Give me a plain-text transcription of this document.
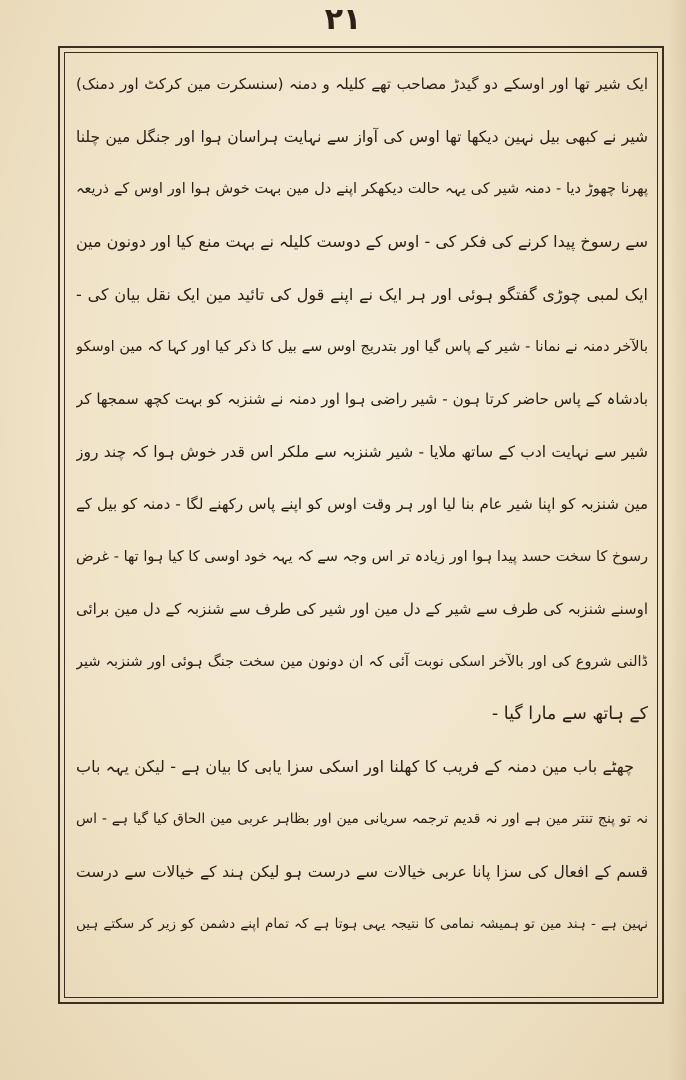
۲۱
ایک شیر تھا اور اوسکے دو گیدڑ مصاحب تھے کلیلہ و دمنہ (سنسکرت مین کرکٹ اور دمنک)
شیر نے کبھی بیل نہین دیکھا تھا اوس کی آواز سے نہایت ہراسان ہوا اور جنگل مین چلنا
پھرنا چھوڑ دیا - دمنہ شیر کی یہہ حالت دیکھکر اپنے دل مین بہت خوش ہوا اور اوس کے ذریعہ
سے رسوخ پیدا کرنے کی فکر کی - اوس کے دوست کلیلہ نے بہت منع کیا اور دونون مین
ایک لمبی چوڑی گفتگو ہوئی اور ہر ایک نے اپنے قول کی تائید مین ایک نقل بیان کی -
بالآخر دمنہ نے نمانا - شیر کے پاس گیا اور بتدریج اوس سے بیل کا ذکر کیا اور کہا کہ مین اوسکو
بادشاہ کے پاس حاضر کرتا ہون - شیر راضی ہوا اور دمنہ نے شنزبہ کو بہت کچھ سمجھا کر
شیر سے نہایت ادب کے ساتھ ملایا - شیر شنزبہ سے ملکر اس قدر خوش ہوا کہ چند روز
مین شنزبہ کو اپنا شیر عام بنا لیا اور ہر وقت اوس کو اپنے پاس رکھنے لگا - دمنہ کو بیل کے
رسوخ کا سخت حسد پیدا ہوا اور زیادہ تر اس وجہ سے کہ یہہ خود اوسی کا کیا ہوا تھا - غرض
اوسنے شنزبہ کی طرف سے شیر کے دل مین اور شیر کی طرف سے شنزبہ کے دل مین برائی
ڈالنی شروع کی اور بالآخر اسکی نوبت آئی کہ ان دونون مین سخت جنگ ہوئی اور شنزبہ شیر
کے ہاتھ سے مارا گیا -
چھٹے باب مین دمنہ کے فریب کا کھلنا اور اسکی سزا یابی کا بیان ہے - لیکن یہہ باب
نہ تو پنج تنتر مین ہے اور نہ قدیم ترجمہ سریانی مین اور بظاہر عربی مین الحاق کیا گیا ہے - اس
قسم کے افعال کی سزا پانا عربی خیالات سے درست ہو لیکن ہند کے خیالات سے درست
نہین ہے - ہند مین تو ہمیشہ نمامی کا نتیجہ یہی ہوتا ہے کہ تمام اپنے دشمن کو زیر کر سکتے ہیں
